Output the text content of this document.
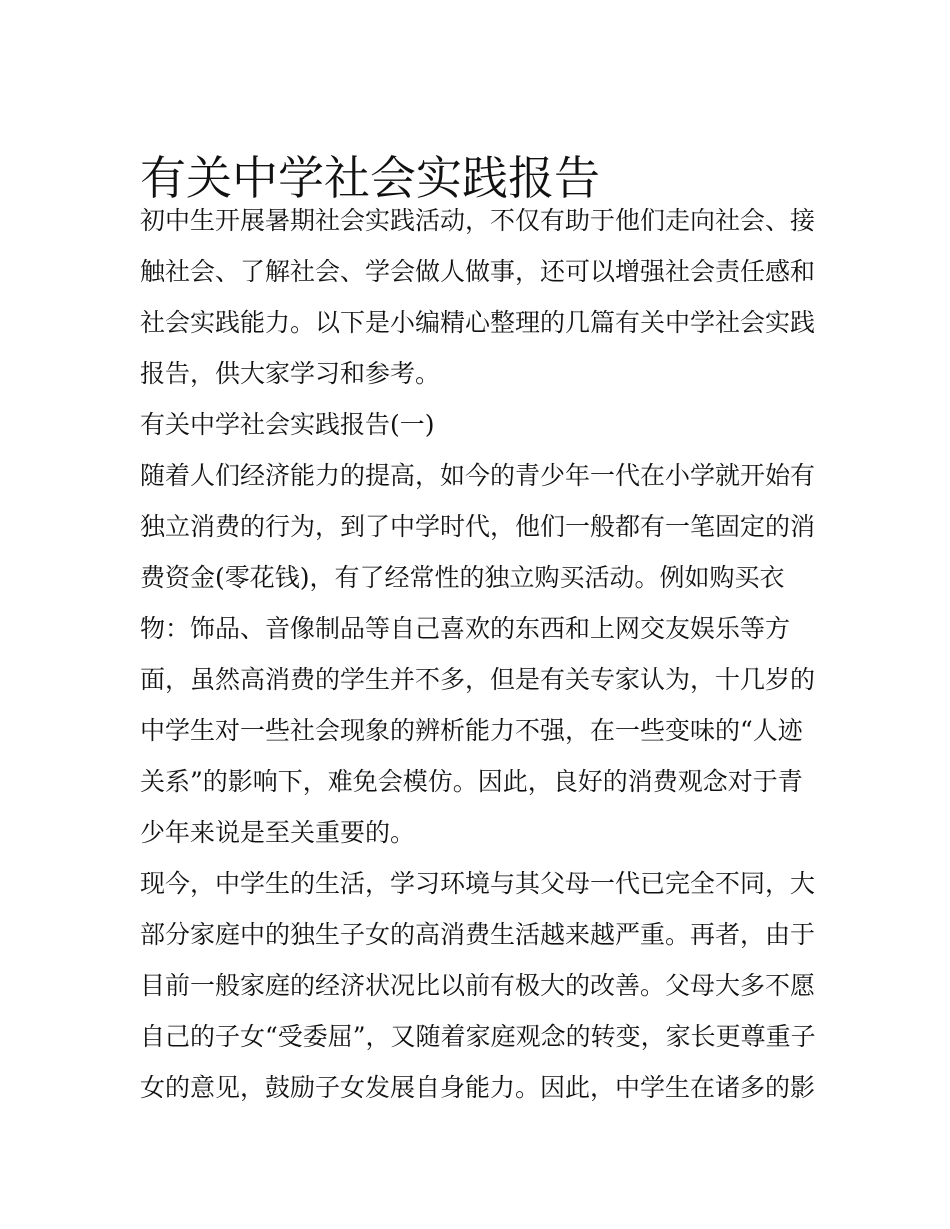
有关中学社会实践报告
初中生开展暑期社会实践活动，不仅有助于他们走向社会、接
触社会、了解社会、学会做人做事，还可以增强社会责任感和
社会实践能力。以下是小编精心整理的几篇有关中学社会实践
报告，供大家学习和参考。
有关中学社会实践报告(一)
随着人们经济能力的提高，如今的青少年一代在小学就开始有
独立消费的行为，到了中学时代，他们一般都有一笔固定的消
费资金(零花钱)，有了经常性的独立购买活动。例如购买衣
物：饰品、音像制品等自己喜欢的东西和上网交友娱乐等方
面，虽然高消费的学生并不多，但是有关专家认为，十几岁的
中学生对一些社会现象的辨析能力不强，在一些变味的“人迹
关系”的影响下，难免会模仿。因此，良好的消费观念对于青
少年来说是至关重要的。
现今，中学生的生活，学习环境与其父母一代已完全不同，大
部分家庭中的独生子女的高消费生活越来越严重。再者，由于
目前一般家庭的经济状况比以前有极大的改善。父母大多不愿
自己的子女“受委屈”，又随着家庭观念的转变，家长更尊重子
女的意见，鼓励子女发展自身能力。因此，中学生在诸多的影
